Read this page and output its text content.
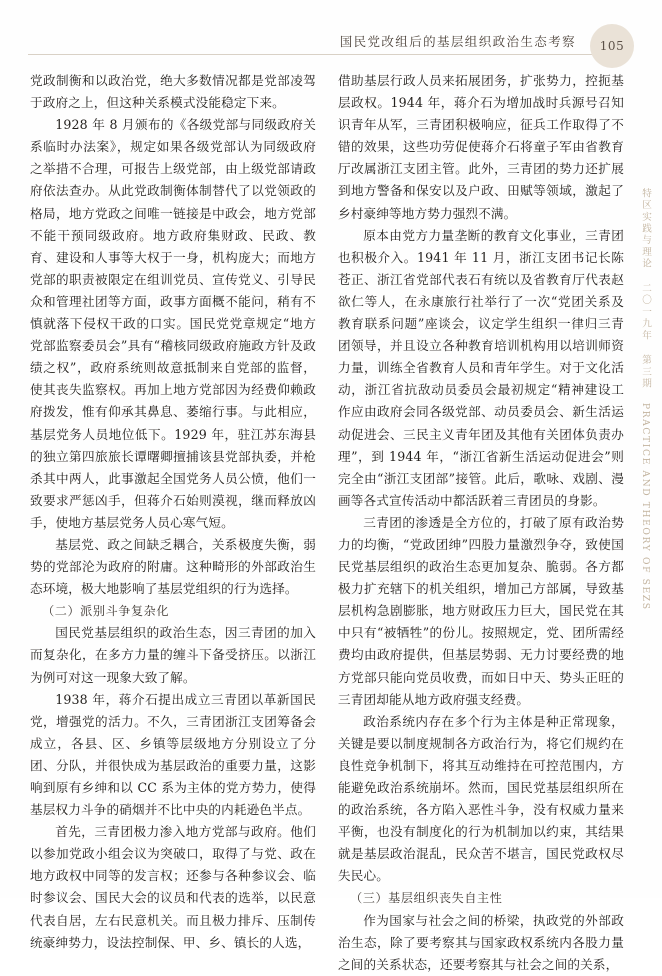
国民党改组后的基层组织政治生态考察	105

党政制衡和以政治党，绝大多数情况都是党部凌驾于政府之上，但这种关系模式没能稳定下来。

1928 年 8 月颁布的《各级党部与同级政府关系临时办法案》，规定如果各级党部认为同级政府之举措不合理，可报告上级党部，由上级党部请政府依法查办。从此党政制衡体制替代了以党领政的格局，地方党政之间唯一链接是中政会，地方党部不能干预同级政府。地方政府集财政、民政、教育、建设和人事等大权于一身，机构庞大；而地方党部的职责被限定在组训党员、宣传党义、引导民众和管理社团等方面，政事方面概不能问，稍有不慎就落下侵权干政的口实。国民党党章规定“地方党部监察委员会”具有“稽核同级政府施政方针及政绩之权”，政府系统则故意抵制来自党部的监督，使其丧失监察权。再加上地方党部因为经费仰赖政府拨发，惟有仰承其鼻息、萎缩行事。与此相应，基层党务人员地位低下。1929 年，驻江苏东海县的独立第四旅旅长谭曙卿擅捕该县党部执委，并枪杀其中两人，此事激起全国党务人员公愤，他们一致要求严惩凶手，但蒋介石始则漠视，继而释放凶手，使地方基层党务人员心寒气短。

基层党、政之间缺乏耦合，关系极度失衡，弱势的党部沦为政府的附庸。这种畸形的外部政治生态环境，极大地影响了基层党组织的行为选择。

（二）派别斗争复杂化

国民党基层组织的政治生态，因三青团的加入而复杂化，在多方力量的缠斗下备受挤压。以浙江为例可对这一现象大致了解。

1938 年，蒋介石提出成立三青团以革新国民党，增强党的活力。不久，三青团浙江支团筹备会成立，各县、区、乡镇等层级地方分别设立了分团、分队，并很快成为基层政治的重要力量，这影响到原有乡绅和以 CC 系为主体的党方势力，使得基层权力斗争的硝烟并不比中央的内耗逊色半点。

首先，三青团极力渗入地方党部与政府。他们以参加党政小组会议为突破口，取得了与党、政在地方政权中同等的发言权；还参与各种参议会、临时参议会、国民大会的议员和代表的选举，以民意代表自居，左右民意机关。而且极力排斥、压制传统豪绅势力，设法控制保、甲、乡、镇长的人选，

借助基层行政人员来拓展团务，扩张势力，控扼基层政权。1944 年，蒋介石为增加战时兵源号召知识青年从军，三青团积极响应，征兵工作取得了不错的效果，这些功劳促使蒋介石将童子军由省教育厅改属浙江支团主管。此外，三青团的势力还扩展到地方警备和保安以及户政、田赋等领域，激起了乡村豪绅等地方势力强烈不满。

原本由党方力量垄断的教育文化事业，三青团也积极介入。1941 年 11 月，浙江支团书记长陈苍正、浙江省党部代表石有统以及省教育厅代表赵欲仁等人，在永康旅行社举行了一次“党团关系及教育联系问题”座谈会，议定学生组织一律归三青团领导，并且设立各种教育培训机构用以培训师资力量，训练全省教育人员和青年学生。对于文化活动，浙江省抗敌动员委员会最初规定“精神建设工作应由政府会同各级党部、动员委员会、新生活运动促进会、三民主义青年团及其他有关团体负责办理”，到 1944 年，“浙江省新生活运动促进会”则完全由“浙江支团部”接管。此后，歌咏、戏剧、漫画等各式宣传活动中都活跃着三青团员的身影。

三青团的渗透是全方位的，打破了原有政治势力的均衡，“党政团绅”四股力量激烈争夺，致使国民党基层组织的政治生态更加复杂、脆弱。各方都极力扩充辖下的机关组织，增加己方部属，导致基层机构急剧膨胀，地方财政压力巨大，国民党在其中只有“被牺牲”的份儿。按照规定，党、团所需经费均由政府提供，但基层势弱、无力讨要经费的地方党部只能向党员收费，而如日中天、势头正旺的三青团却能从地方政府强支经费。

政治系统内存在多个行为主体是种正常现象，关键是要以制度规制各方政治行为，将它们规约在良性竞争机制下，将其互动维持在可控范围内，方能避免政治系统崩坏。然而，国民党基层组织所在的政治系统，各方陷入恶性斗争，没有权威力量来平衡，也没有制度化的行为机制加以约束，其结果就是基层政治混乱，民众苦不堪言，国民党政权尽失民心。

（三）基层组织丧失自主性

作为国家与社会之间的桥梁，执政党的外部政治生态，除了要考察其与国家政权系统内各股力量之间的关系状态，还要考察其与社会之间的关系，

特区实践与理论 二〇一九年 第三期 PRACTICE AND THEORY OF SEZS
